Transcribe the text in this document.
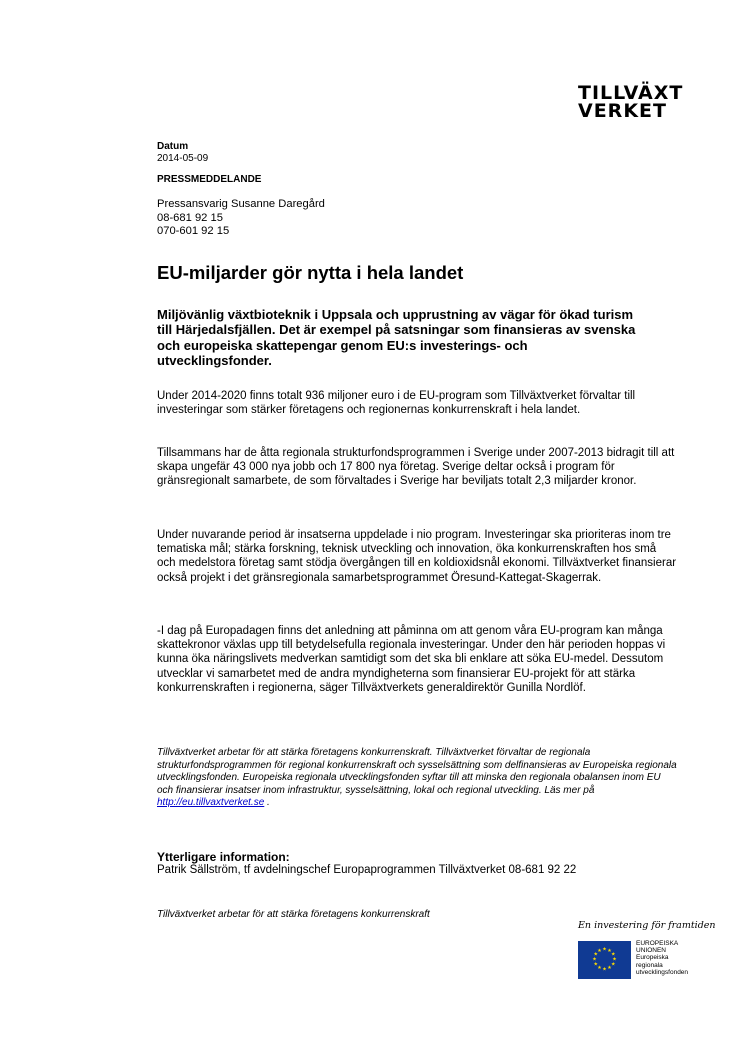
TILLVÄXT
VERKET
Datum
2014-05-09
PRESSMEDDELANDE
Pressansvarig Susanne Daregård
08-681 92 15
070-601 92 15
EU-miljarder gör nytta i hela landet
Miljövänlig växtbioteknik i Uppsala och upprustning av vägar för ökad turism till Härjedalsfjällen. Det är exempel på satsningar som finansieras av svenska och europeiska skattepengar genom EU:s investerings- och utvecklingsfonder.
Under 2014-2020 finns totalt 936 miljoner euro i de EU-program som Tillväxtverket förvaltar till investeringar som stärker företagens och regionernas konkurrenskraft i hela landet.
Tillsammans har de åtta regionala strukturfondsprogrammen i Sverige under 2007-2013 bidragit till att skapa ungefär 43 000 nya jobb och 17 800 nya företag. Sverige deltar också i program för gränsregionalt samarbete, de som förvaltades i Sverige har beviljats totalt 2,3 miljarder kronor.
Under nuvarande period är insatserna uppdelade i nio program. Investeringar ska prioriteras inom tre tematiska mål; stärka forskning, teknisk utveckling och innovation, öka konkurrenskraften hos små och medelstora företag samt stödja övergången till en koldioxidsnål ekonomi. Tillväxtverket finansierar också projekt i det gränsregionala samarbetsprogrammet Öresund-Kattegat-Skagerrak.
-I dag på Europadagen finns det anledning att påminna om att genom våra EU-program kan många skattekronor växlas upp till betydelsefulla regionala investeringar. Under den här perioden hoppas vi kunna öka näringslivets medverkan samtidigt som det ska bli enklare att söka EU-medel. Dessutom utvecklar vi samarbetet med de andra myndigheterna som finansierar EU-projekt för att stärka konkurrenskraften i regionerna, säger Tillväxtverkets generaldirektör Gunilla Nordlöf.
Tillväxtverket arbetar för att stärka företagens konkurrenskraft. Tillväxtverket förvaltar de regionala strukturfondsprogrammen för regional konkurrenskraft och sysselsättning som delfinansieras av Europeiska regionala utvecklingsfonden. Europeiska regionala utvecklingsfonden syftar till att minska den regionala obalansen inom EU och finansierar insatser inom infrastruktur, sysselsättning, lokal och regional utveckling. Läs mer på http://eu.tillvaxtverket.se .
Ytterligare information:
Patrik Sällström, tf avdelningschef Europaprogrammen Tillväxtverket 08-681 92 22
Tillväxtverket arbetar för att stärka företagens konkurrenskraft
En investering för framtiden
★ ★
★
★
★
★
★
★
★
★
★
★
EUROPEISKA
UNIONEN
Europeiska
regionala
utvecklingsfonden
